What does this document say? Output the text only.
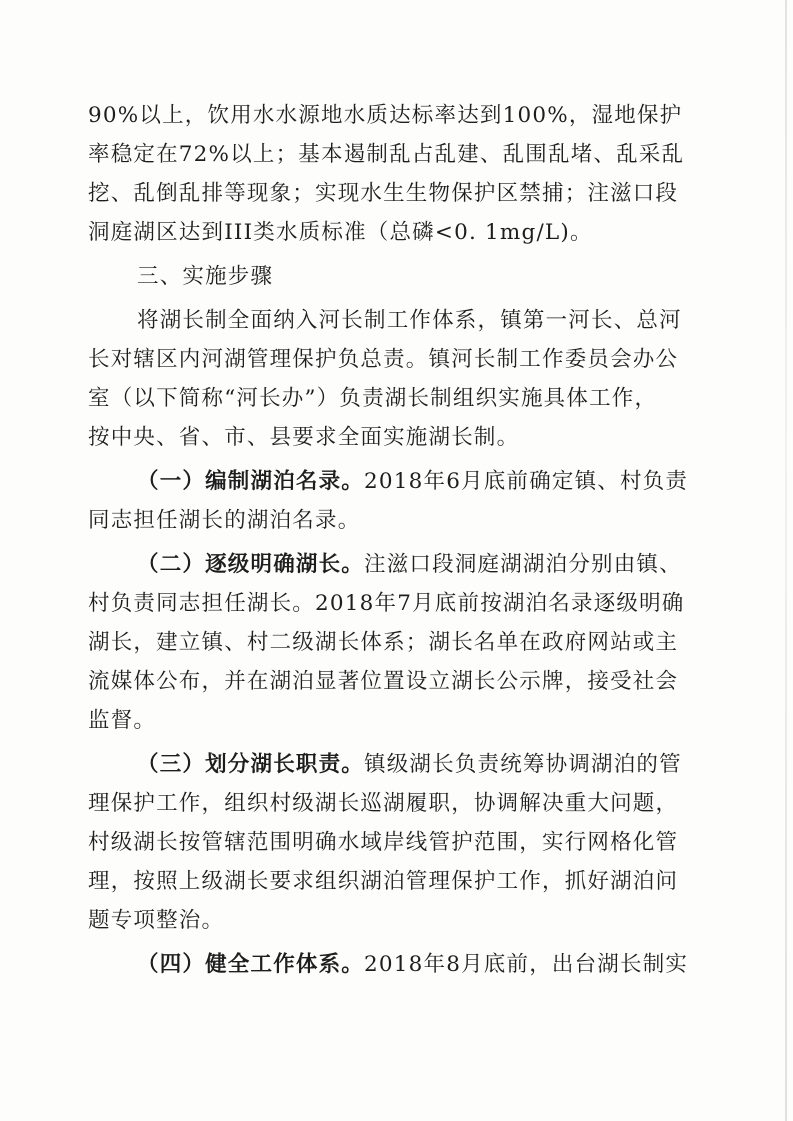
90%以上，饮用水水源地水质达标率达到100%，湿地保护
率稳定在72%以上；基本遏制乱占乱建、乱围乱堵、乱采乱
挖、乱倒乱排等现象；实现水生生物保护区禁捕；注滋口段
洞庭湖区达到III类水质标准（总磷<0. 1mg/L)。
三、实施步骤
将湖长制全面纳入河长制工作体系，镇第一河长、总河
长对辖区内河湖管理保护负总责。镇河长制工作委员会办公
室（以下简称“河长办”）负责湖长制组织实施具体工作，
按中央、省、市、县要求全面实施湖长制。
（一）编制湖泊名录。2018年6月底前确定镇、村负责
同志担任湖长的湖泊名录。
（二）逐级明确湖长。注滋口段洞庭湖湖泊分别由镇、
村负责同志担任湖长。2018年7月底前按湖泊名录逐级明确
湖长，建立镇、村二级湖长体系；湖长名单在政府网站或主
流媒体公布，并在湖泊显著位置设立湖长公示牌，接受社会
监督。
（三）划分湖长职责。镇级湖长负责统筹协调湖泊的管
理保护工作，组织村级湖长巡湖履职，协调解决重大问题，
村级湖长按管辖范围明确水域岸线管护范围，实行网格化管
理，按照上级湖长要求组织湖泊管理保护工作，抓好湖泊问
题专项整治。
（四）健全工作体系。2018年8月底前，出台湖长制实
